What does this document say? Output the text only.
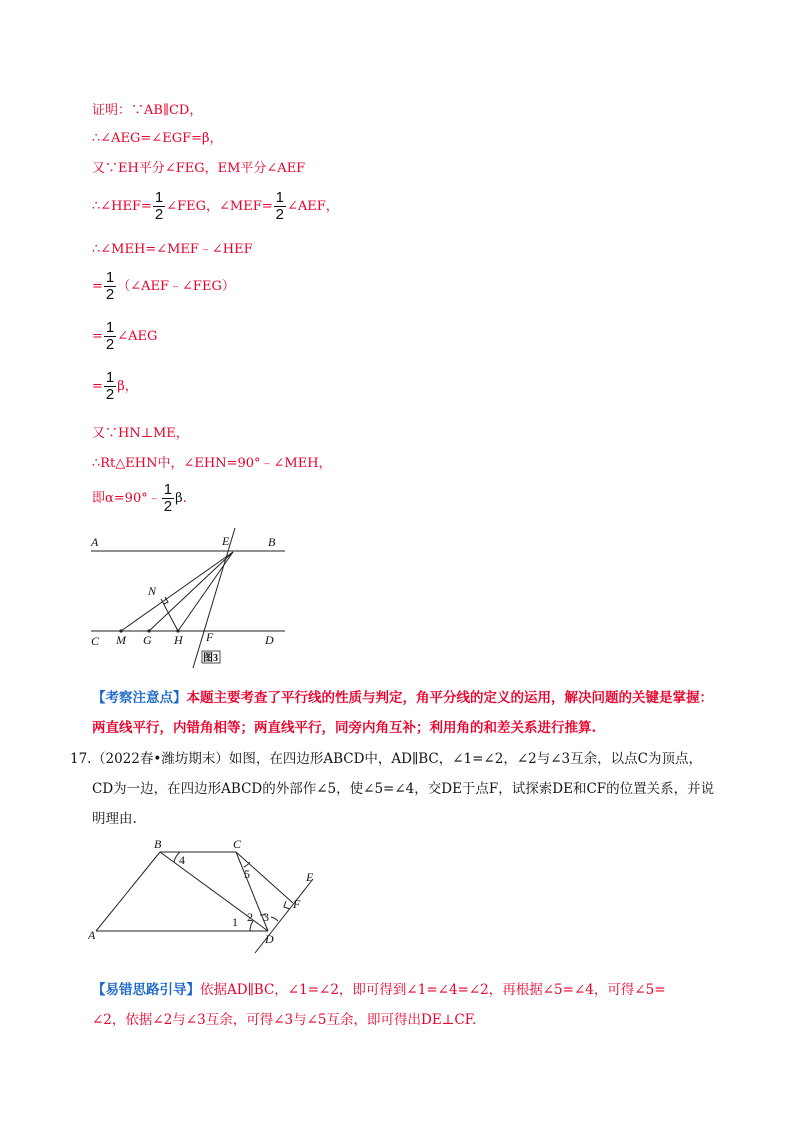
证明：∵AB∥CD，
∴∠AEG=∠EGF=β，
又∵EH平分∠FEG，EM平分∠AEF
∴∠HEF= $\frac{1}{2}$ ∠FEG，∠MEF= $\frac{1}{2}$ ∠AEF，
∴∠MEH=∠MEF﹣∠HEF
= $\frac{1}{2}$ （∠AEF﹣∠FEG）
= $\frac{1}{2}$ ∠AEG
= $\frac{1}{2}$ β，
又∵HN⊥ME，
∴Rt△EHN中，∠EHN=90°﹣∠MEH，
即α=90°﹣ $\frac{1}{2} \beta$.
A	B
E
N
C M G H F	D
图3
【考察注意点】本题主要考查了平行线的性质与判定，角平分线的定义的运用，解决问题的关键是掌握：
两直线平行，内错角相等；两直线平行，同旁内角互补；利用角的和差关系进行推算.
17. （2022春•潍坊期末）如图，在四边形ABCD中，AD∥BC，∠1=∠2，∠2与∠3互余，以点C为顶点，
CD为一边，在四边形ABCD的外部作∠5，使∠5=∠4，交DE于点F，试探索DE和CF的位置关系，并说
明理由.
A
B	C
D
E
F
1 2 3
4
5
【易错思路引导】依据AD∥BC，∠1=∠2，即可得到∠1=∠4=∠2，再根据∠5=∠4，可得∠5=
∠2，依据∠2与∠3互余，可得∠3与∠5互余，即可得出DE⊥CF.
